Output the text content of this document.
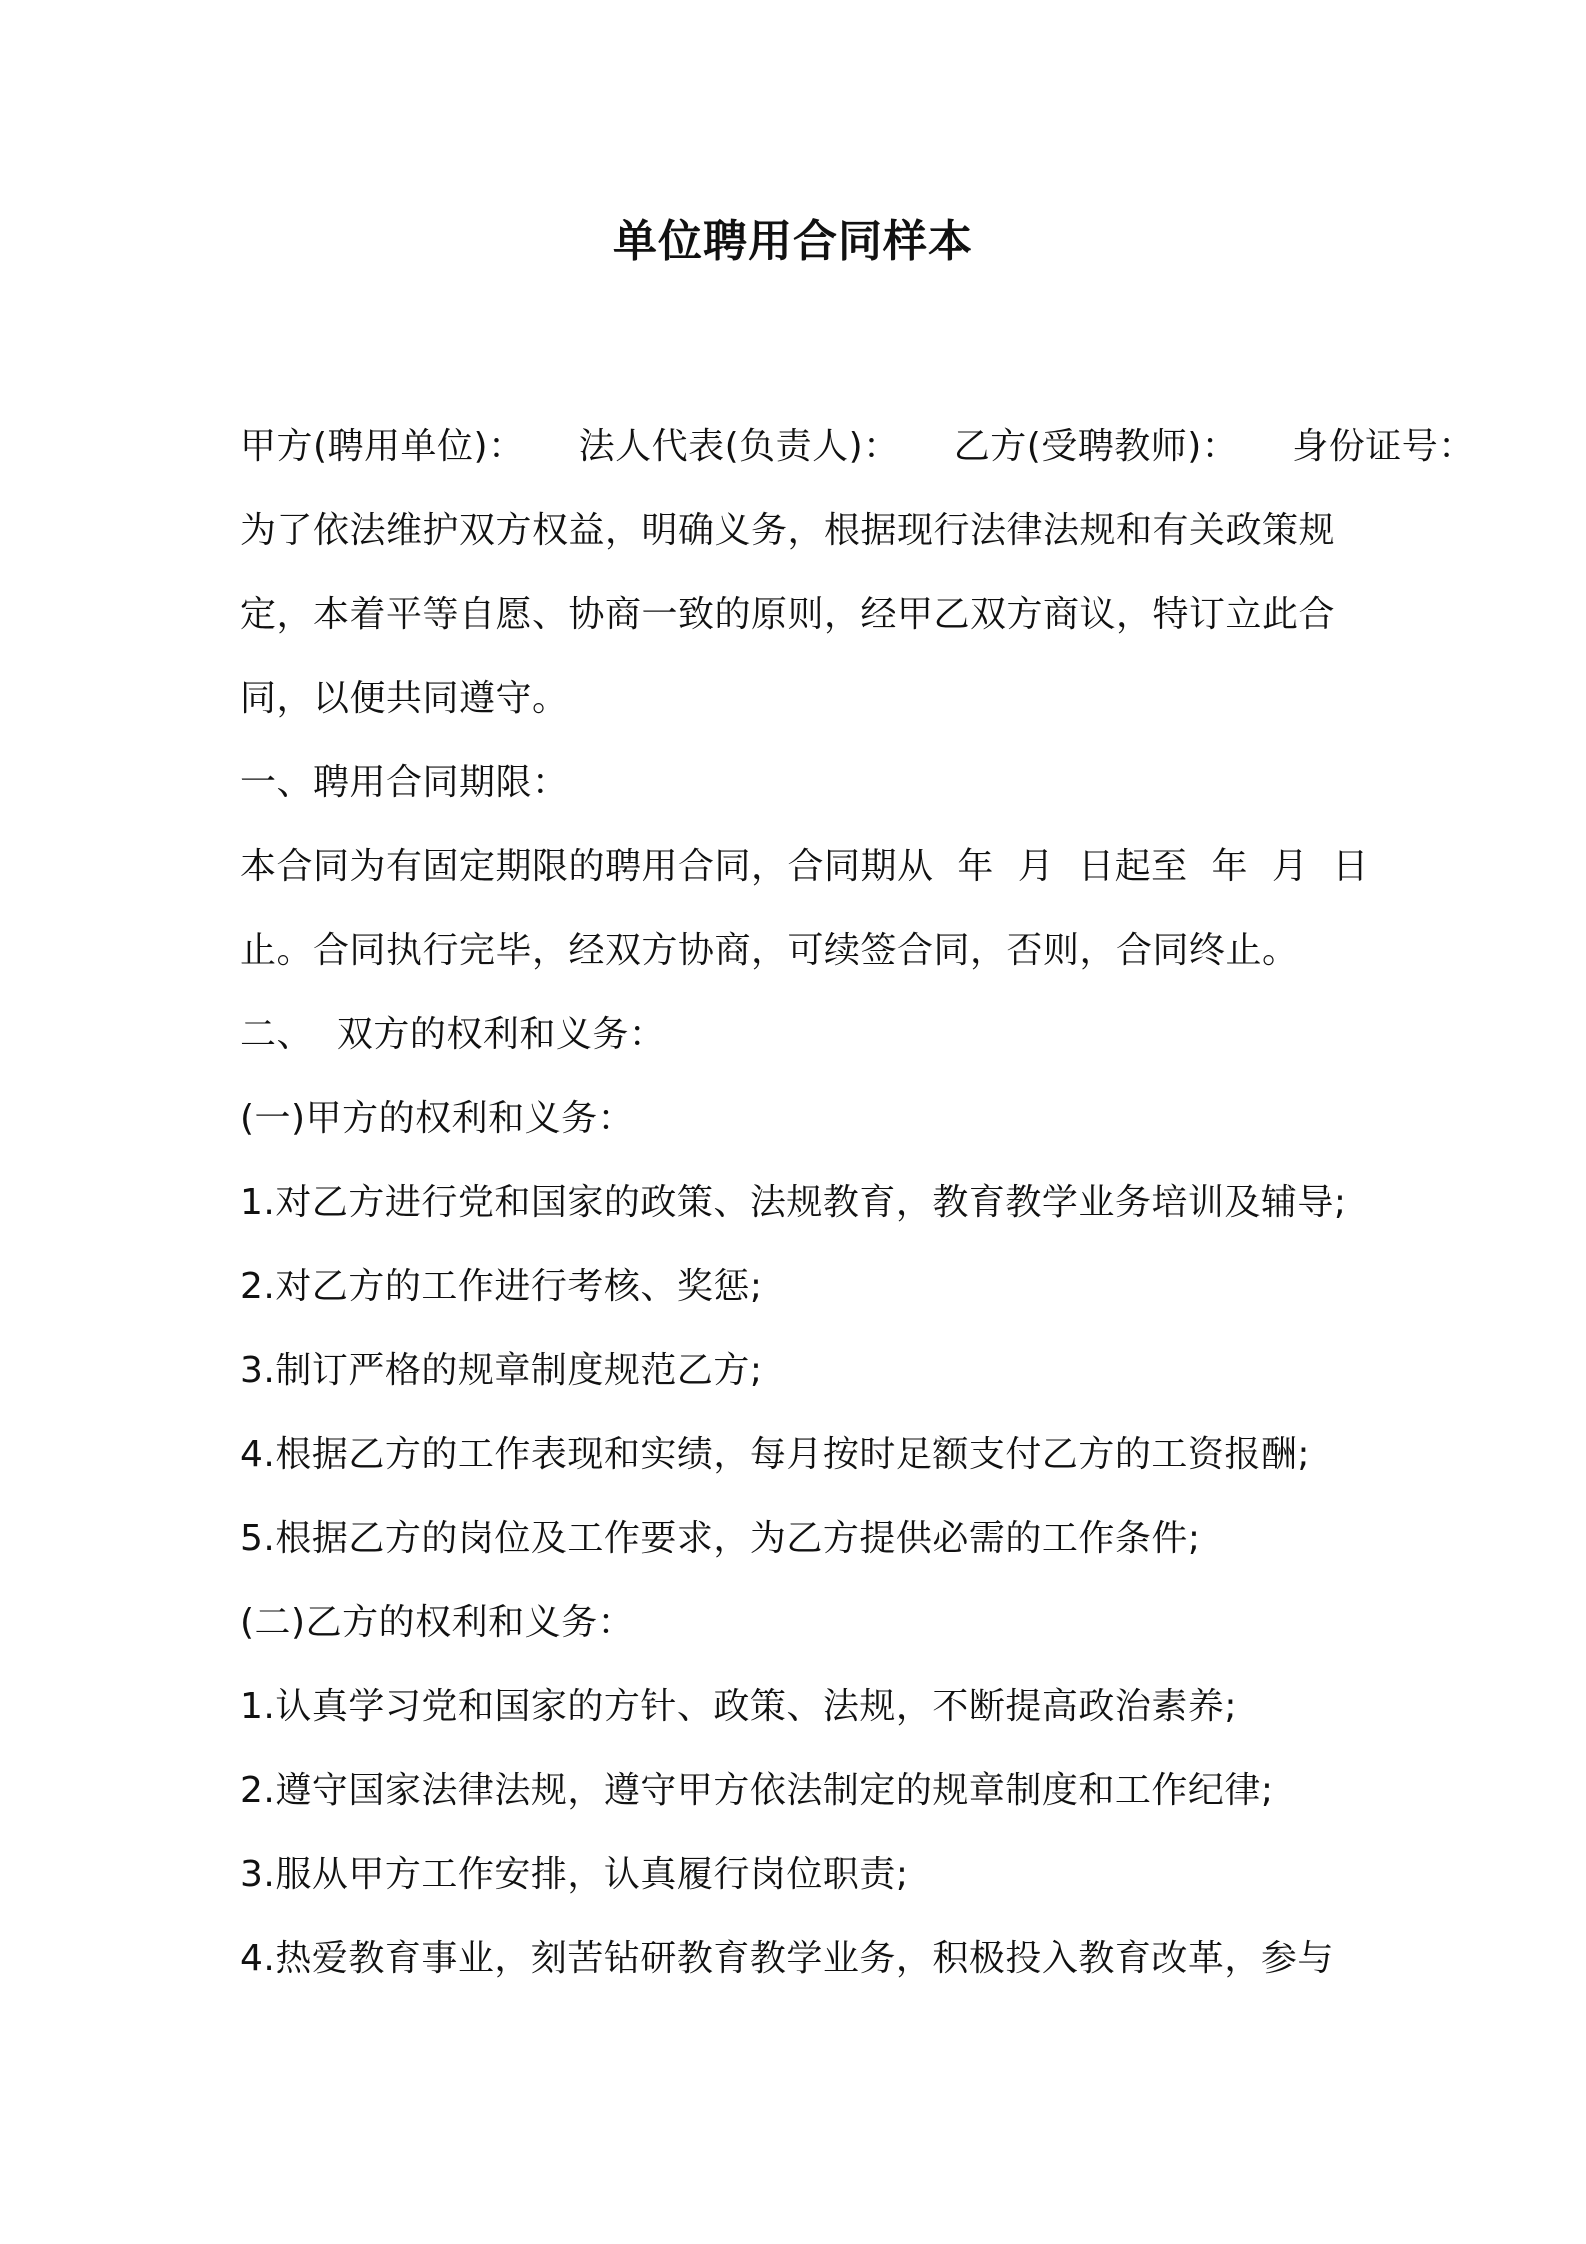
单位聘用合同样本
甲方(聘用单位)： 法人代表(负责人)： 乙方(受聘教师)： 身份证号：
为了依法维护双方权益，明确义务，根据现行法律法规和有关政策规
定，本着平等自愿、协商一致的原则，经甲乙双方商议，特订立此合
同，以便共同遵守。
一、聘用合同期限：
本合同为有固定期限的聘用合同，合同期从  年  月  日起至  年  月  日
止。合同执行完毕，经双方协商，可续签合同，否则，合同终止。
二、  双方的权利和义务：
(一)甲方的权利和义务：
1.对乙方进行党和国家的政策、法规教育，教育教学业务培训及辅导;
2.对乙方的工作进行考核、奖惩;
3.制订严格的规章制度规范乙方;
4.根据乙方的工作表现和实绩，每月按时足额支付乙方的工资报酬;
5.根据乙方的岗位及工作要求，为乙方提供必需的工作条件;
(二)乙方的权利和义务：
1.认真学习党和国家的方针、政策、法规，不断提高政治素养;
2.遵守国家法律法规，遵守甲方依法制定的规章制度和工作纪律;
3.服从甲方工作安排，认真履行岗位职责;
4.热爱教育事业，刻苦钻研教育教学业务，积极投入教育改革，参与
